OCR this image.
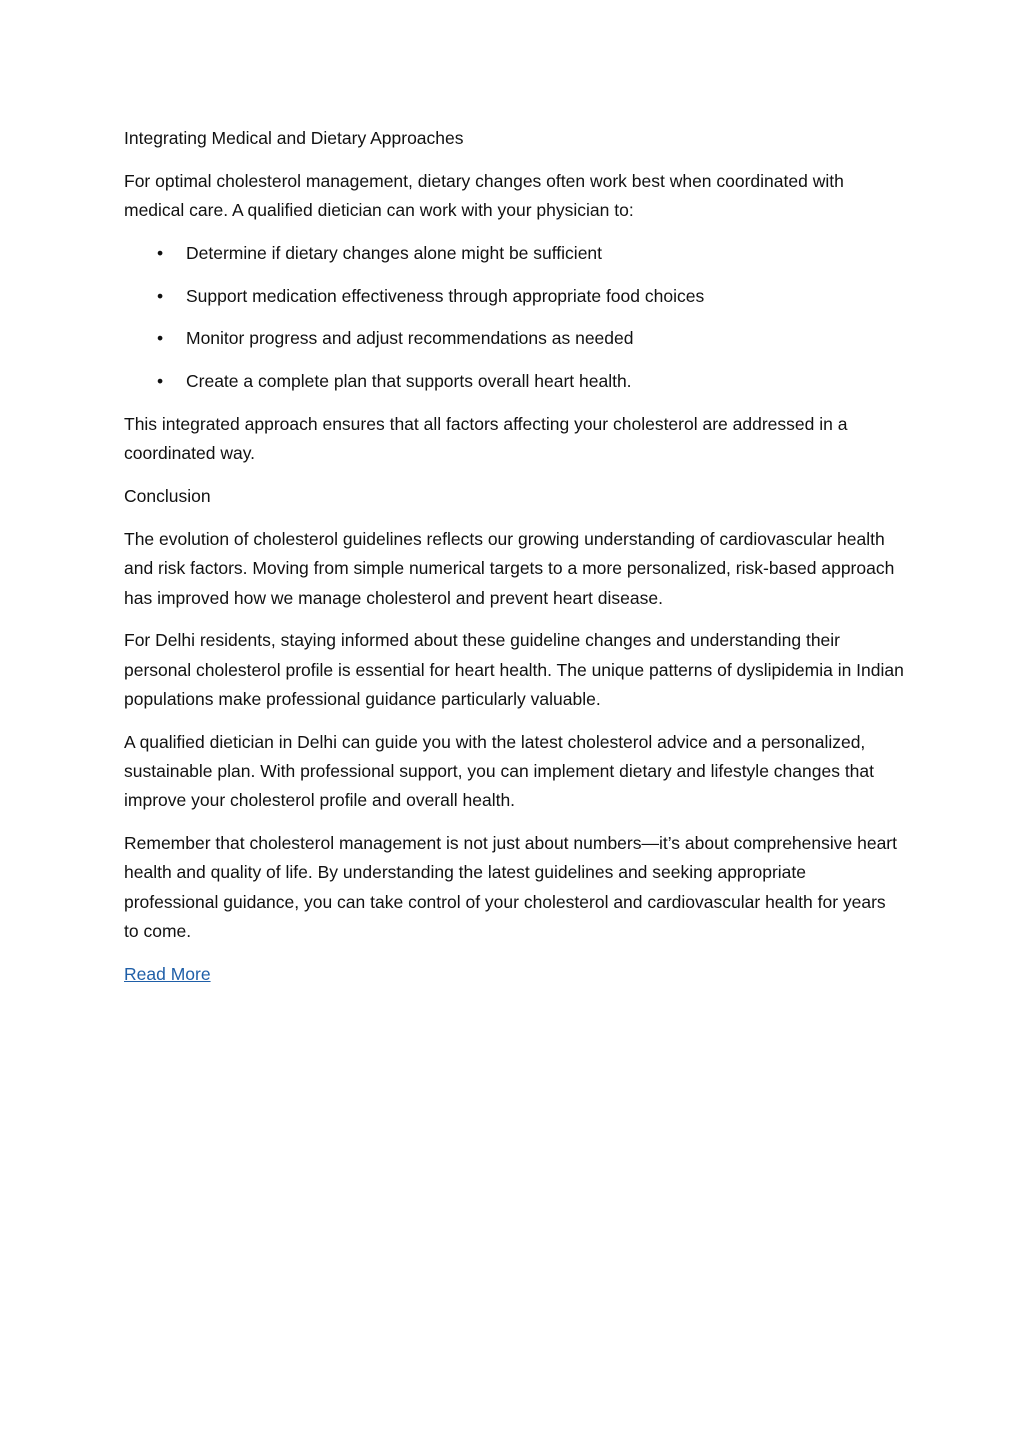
Integrating Medical and Dietary Approaches

For optimal cholesterol management, dietary changes often work best when coordinated with medical care. A qualified dietician can work with your physician to:

• Determine if dietary changes alone might be sufficient
• Support medication effectiveness through appropriate food choices
• Monitor progress and adjust recommendations as needed
• Create a complete plan that supports overall heart health.

This integrated approach ensures that all factors affecting your cholesterol are addressed in a coordinated way.

Conclusion

The evolution of cholesterol guidelines reflects our growing understanding of cardiovascular health and risk factors. Moving from simple numerical targets to a more personalized, risk-based approach has improved how we manage cholesterol and prevent heart disease.

For Delhi residents, staying informed about these guideline changes and understanding their personal cholesterol profile is essential for heart health. The unique patterns of dyslipidemia in Indian populations make professional guidance particularly valuable.

A qualified dietician in Delhi can guide you with the latest cholesterol advice and a personalized, sustainable plan. With professional support, you can implement dietary and lifestyle changes that improve your cholesterol profile and overall health.

Remember that cholesterol management is not just about numbers—it’s about comprehensive heart health and quality of life. By understanding the latest guidelines and seeking appropriate professional guidance, you can take control of your cholesterol and cardiovascular health for years to come.

Read More
